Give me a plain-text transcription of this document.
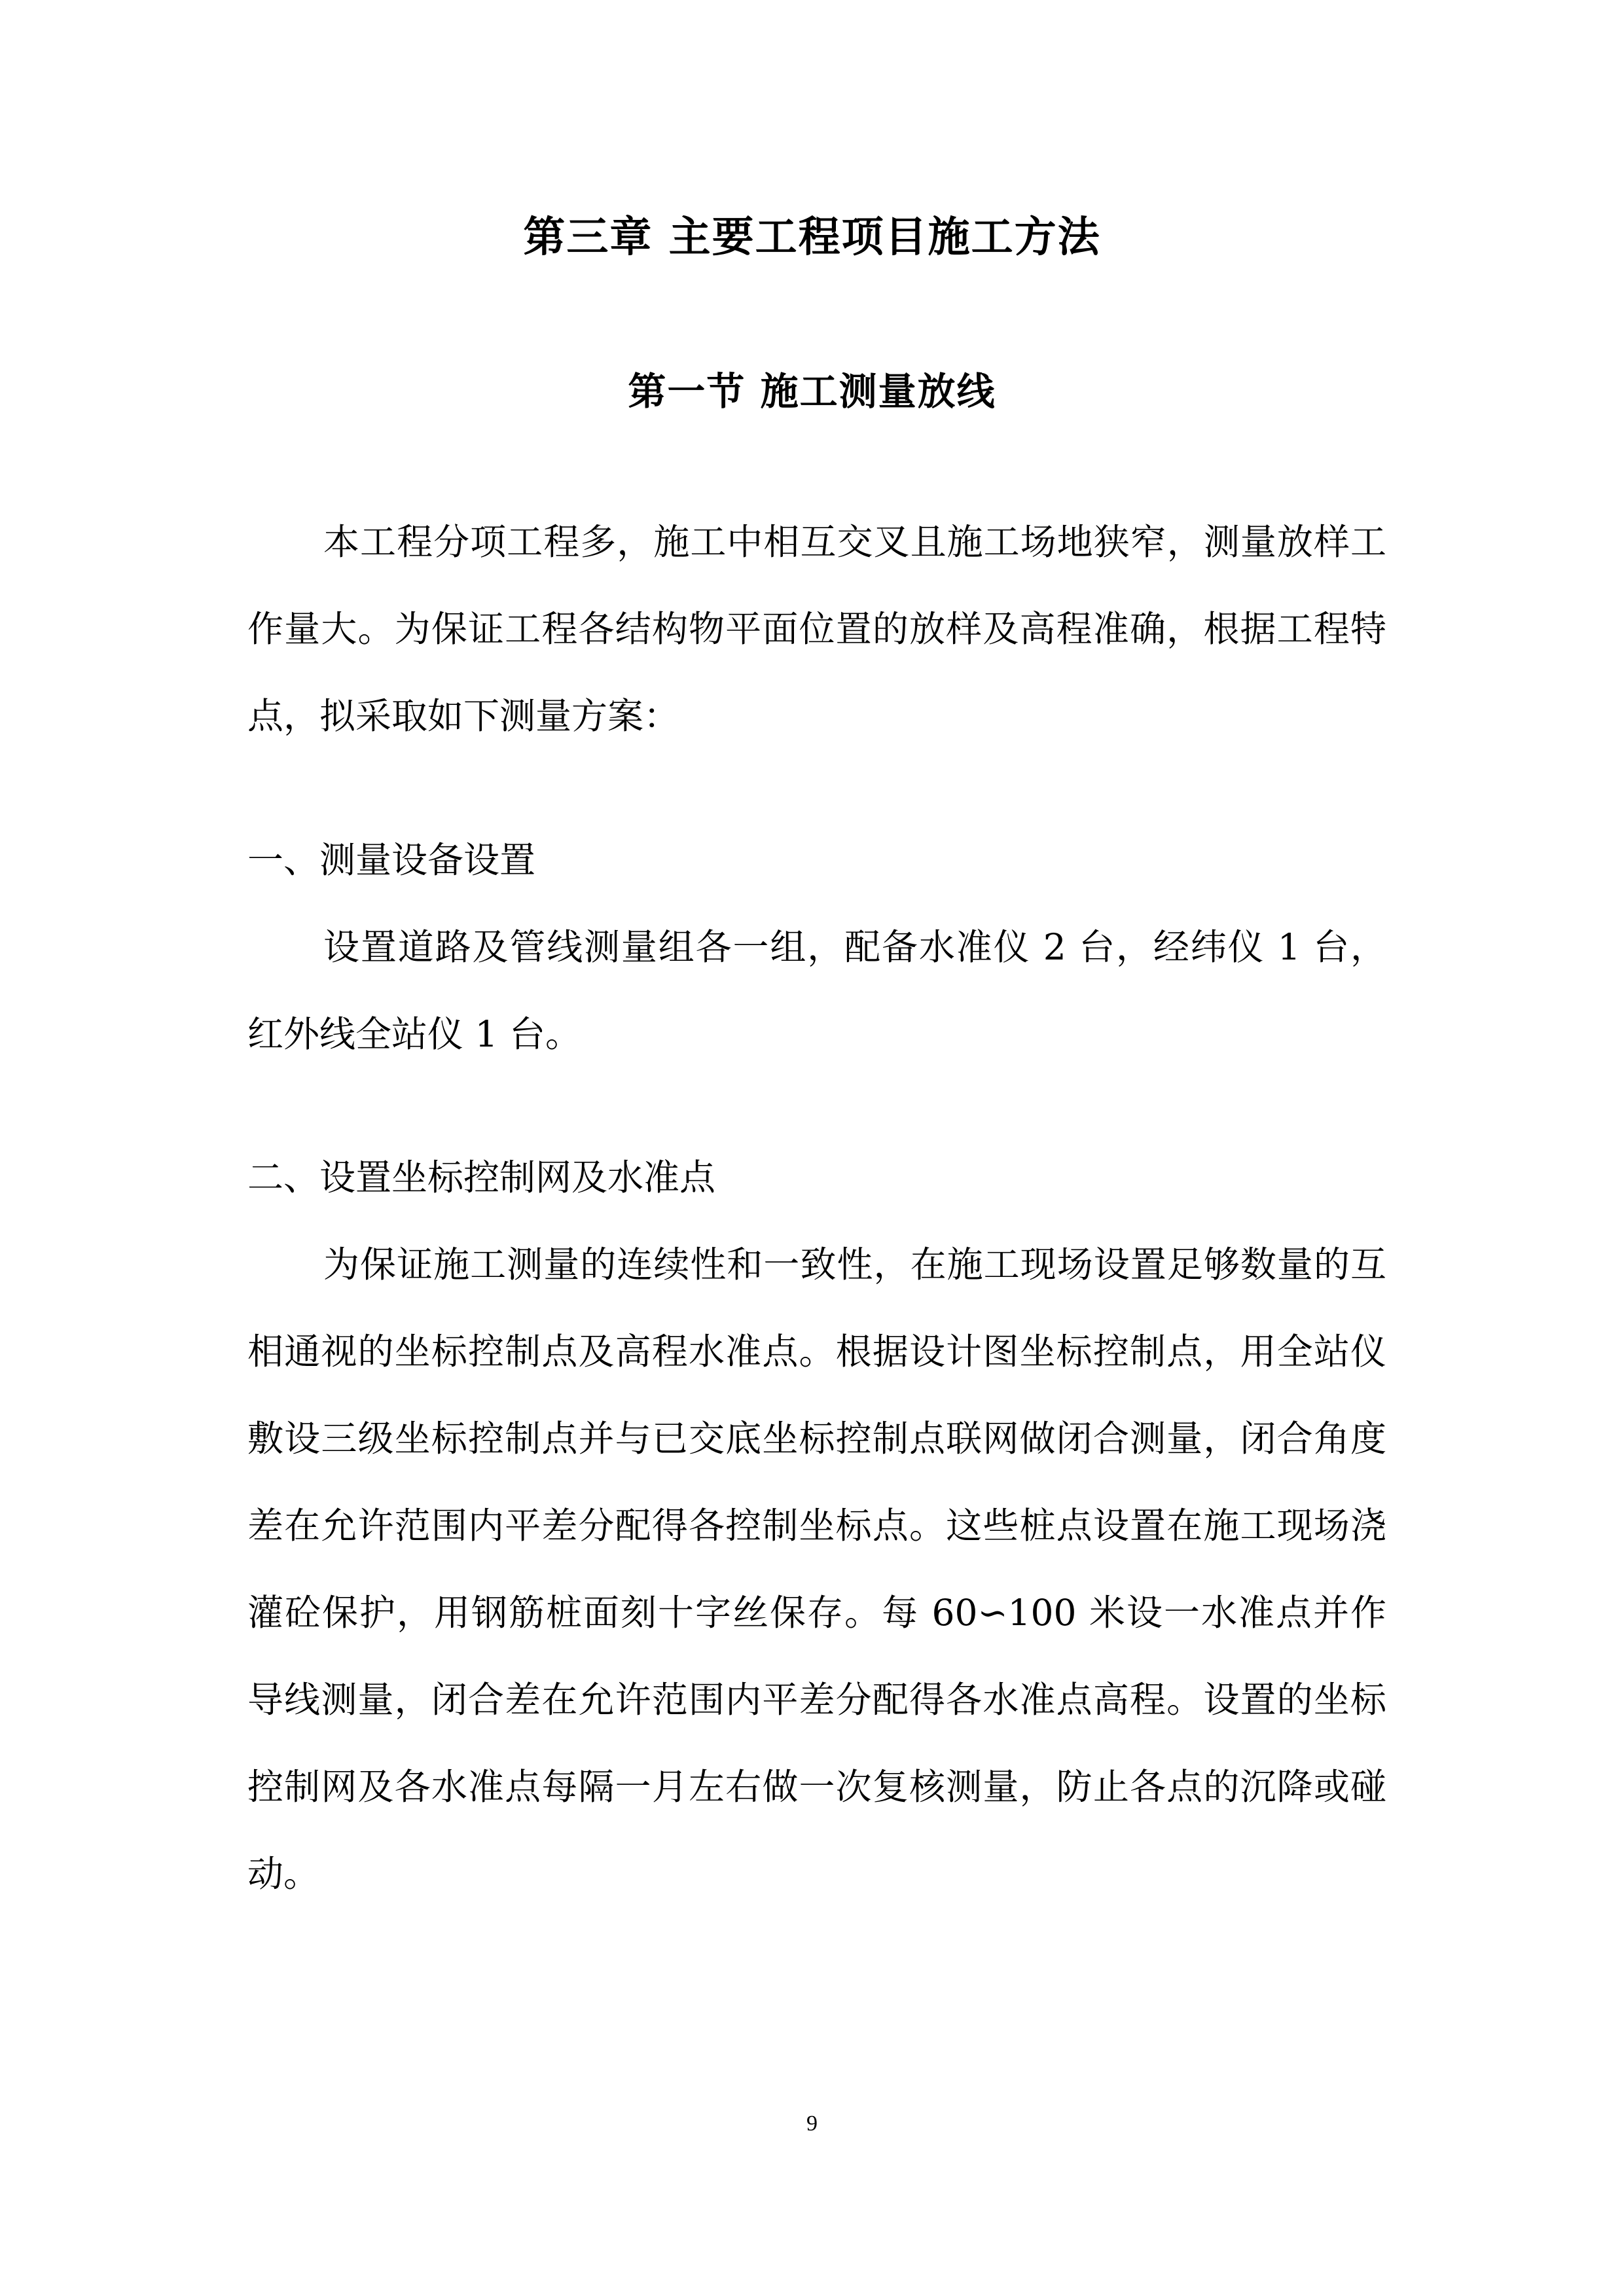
第三章 主要工程项目施工方法
第一节 施工测量放线

本工程分项工程多，施工中相互交叉且施工场地狭窄，测量放样工作量大。为保证工程各结构物平面位置的放样及高程准确，根据工程特点，拟采取如下测量方案：

一、测量设备设置

设置道路及管线测量组各一组，配备水准仪 2 台，经纬仪 1 台，红外线全站仪 1 台。

二、设置坐标控制网及水准点

为保证施工测量的连续性和一致性，在施工现场设置足够数量的互相通视的坐标控制点及高程水准点。根据设计图坐标控制点，用全站仪敷设三级坐标控制点并与已交底坐标控制点联网做闭合测量，闭合角度差在允许范围内平差分配得各控制坐标点。这些桩点设置在施工现场浇灌砼保护，用钢筋桩面刻十字丝保存。每 60∽100 米设一水准点并作导线测量，闭合差在允许范围内平差分配得各水准点高程。设置的坐标控制网及各水准点每隔一月左右做一次复核测量，防止各点的沉降或碰动。

9
